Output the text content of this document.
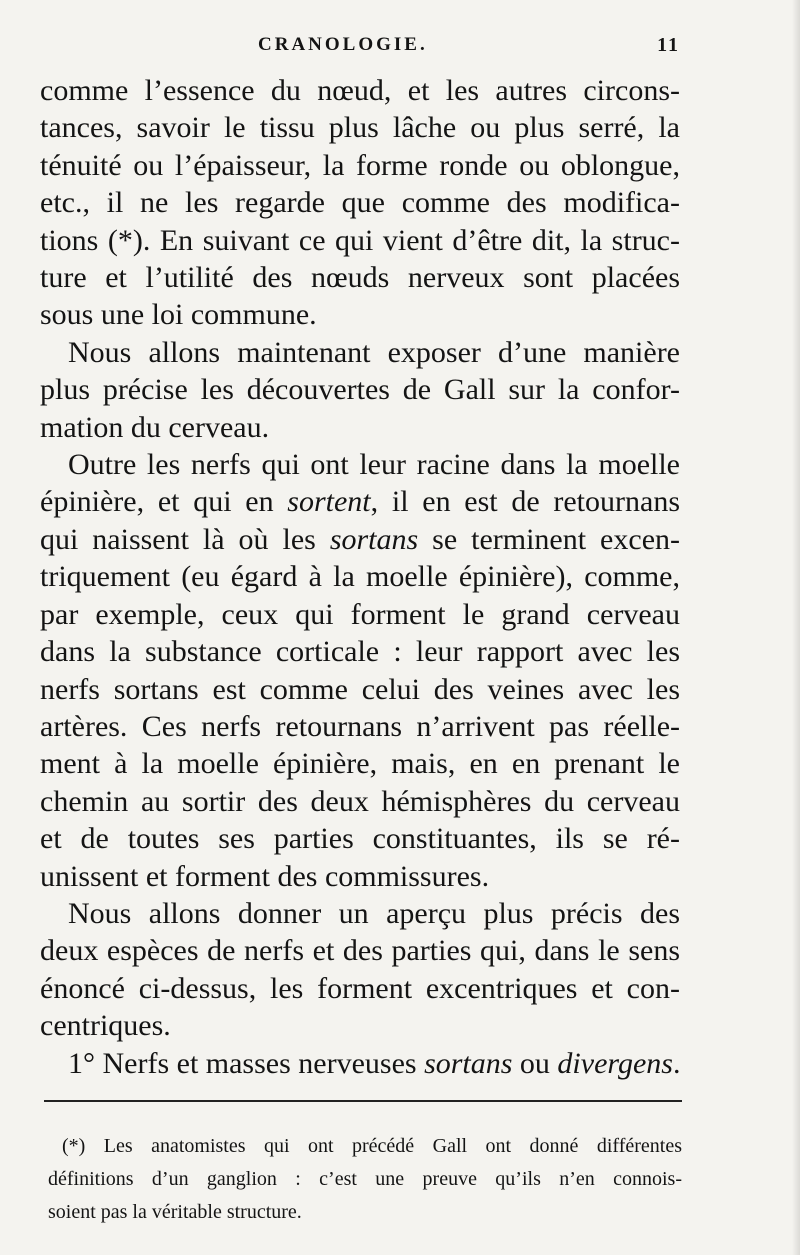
CRANOLOGIE.	11
comme l’essence du nœud, et les autres circons-
tances, savoir le tissu plus lâche ou plus serré, la
ténuité ou l’épaisseur, la forme ronde ou oblongue,
etc., il ne les regarde que comme des modifica-
tions (*). En suivant ce qui vient d’être dit, la struc-
ture et l’utilité des nœuds nerveux sont placées
sous une loi commune.
Nous allons maintenant exposer d’une manière
plus précise les découvertes de Gall sur la confor-
mation du cerveau.
Outre les nerfs qui ont leur racine dans la moelle
épinière, et qui en sortent, il en est de retournans
qui naissent là où les sortans se terminent excen-
triquement (eu égard à la moelle épinière), comme,
par exemple, ceux qui forment le grand cerveau
dans la substance corticale : leur rapport avec les
nerfs sortans est comme celui des veines avec les
artères. Ces nerfs retournans n’arrivent pas réelle-
ment à la moelle épinière, mais, en en prenant le
chemin au sortir des deux hémisphères du cerveau
et de toutes ses parties constituantes, ils se ré-
unissent et forment des commissures.
Nous allons donner un aperçu plus précis des
deux espèces de nerfs et des parties qui, dans le sens
énoncé ci-dessus, les forment excentriques et con-
centriques.
1° Nerfs et masses nerveuses sortans ou divergens.
(*) Les anatomistes qui ont précédé Gall ont donné différentes
définitions d’un ganglion : c’est une preuve qu’ils n’en connois-
soient pas la véritable structure.
